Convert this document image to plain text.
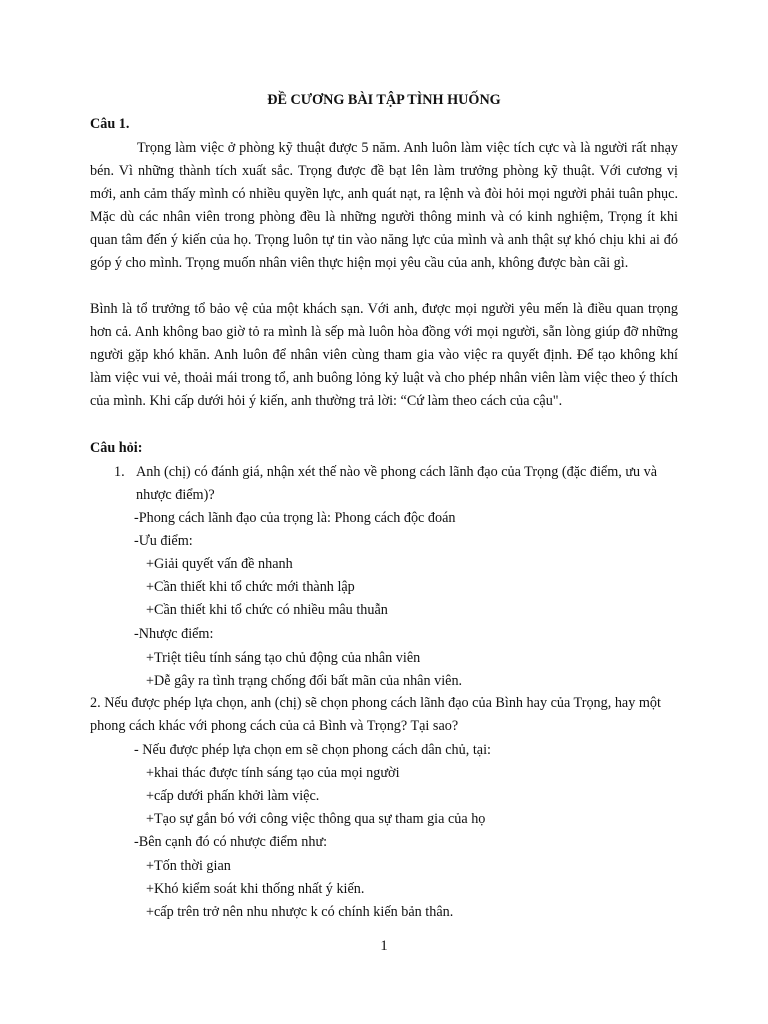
ĐỀ CƯƠNG BÀI TẬP TÌNH HUỐNG
Câu 1.

Trọng làm việc ở phòng kỹ thuật được 5 năm. Anh luôn làm việc tích cực và là người rất nhạy bén. Vì những thành tích xuất sắc. Trọng được đề bạt lên làm trưởng phòng kỹ thuật. Với cương vị mới, anh cảm thấy mình có nhiều quyền lực, anh quát nạt, ra lệnh và đòi hỏi mọi người phải tuân phục. Mặc dù các nhân viên trong phòng đều là những người thông minh và có kinh nghiệm, Trọng ít khi quan tâm đến ý kiến của họ. Trọng luôn tự tin vào năng lực của mình và anh thật sự khó chịu khi ai đó góp ý cho mình. Trọng muốn nhân viên thực hiện mọi yêu cầu của anh, không được bàn cãi gì.

Bình là tổ trưởng tổ bảo vệ của một khách sạn. Với anh, được mọi người yêu mến là điều quan trọng hơn cả. Anh không bao giờ tỏ ra mình là sếp mà luôn hòa đồng với mọi người, sẵn lòng giúp đỡ những người gặp khó khăn. Anh luôn để nhân viên cùng tham gia vào việc ra quyết định. Để tạo không khí làm việc vui vẻ, thoải mái trong tổ, anh buông lỏng kỷ luật và cho phép nhân viên làm việc theo ý thích của mình. Khi cấp dưới hỏi ý kiến, anh thường trả lời: “Cứ làm theo cách của cậu".

Câu hỏi:
1. Anh (chị) có đánh giá, nhận xét thế nào về phong cách lãnh đạo của Trọng (đặc điểm, ưu và nhược điểm)?
-Phong cách lãnh đạo của trọng là: Phong cách độc đoán
-Ưu điểm:
+Giải quyết vấn đề nhanh
+Cần thiết khi tổ chức mới thành lập
+Cần thiết khi tổ chức có nhiều mâu thuẫn
-Nhược điểm:
+Triệt tiêu tính sáng tạo chủ động của nhân viên
+Dễ gây ra tình trạng chống đối bất mãn của nhân viên.

2. Nếu được phép lựa chọn, anh (chị) sẽ chọn phong cách lãnh đạo của Bình hay của Trọng, hay một phong cách khác với phong cách của cả Bình và Trọng? Tại sao?

- Nếu được phép lựa chọn em sẽ chọn phong cách dân chủ, tại:
+khai thác được tính sáng tạo của mọi người
+cấp dưới phấn khởi làm việc.
+Tạo sự gắn bó với công việc thông qua sự tham gia của họ
-Bên cạnh đó có nhược điểm như:
+Tốn thời gian
+Khó kiểm soát khi thống nhất ý kiến.
+cấp trên trở nên nhu nhược k có chính kiến bản thân.
1
